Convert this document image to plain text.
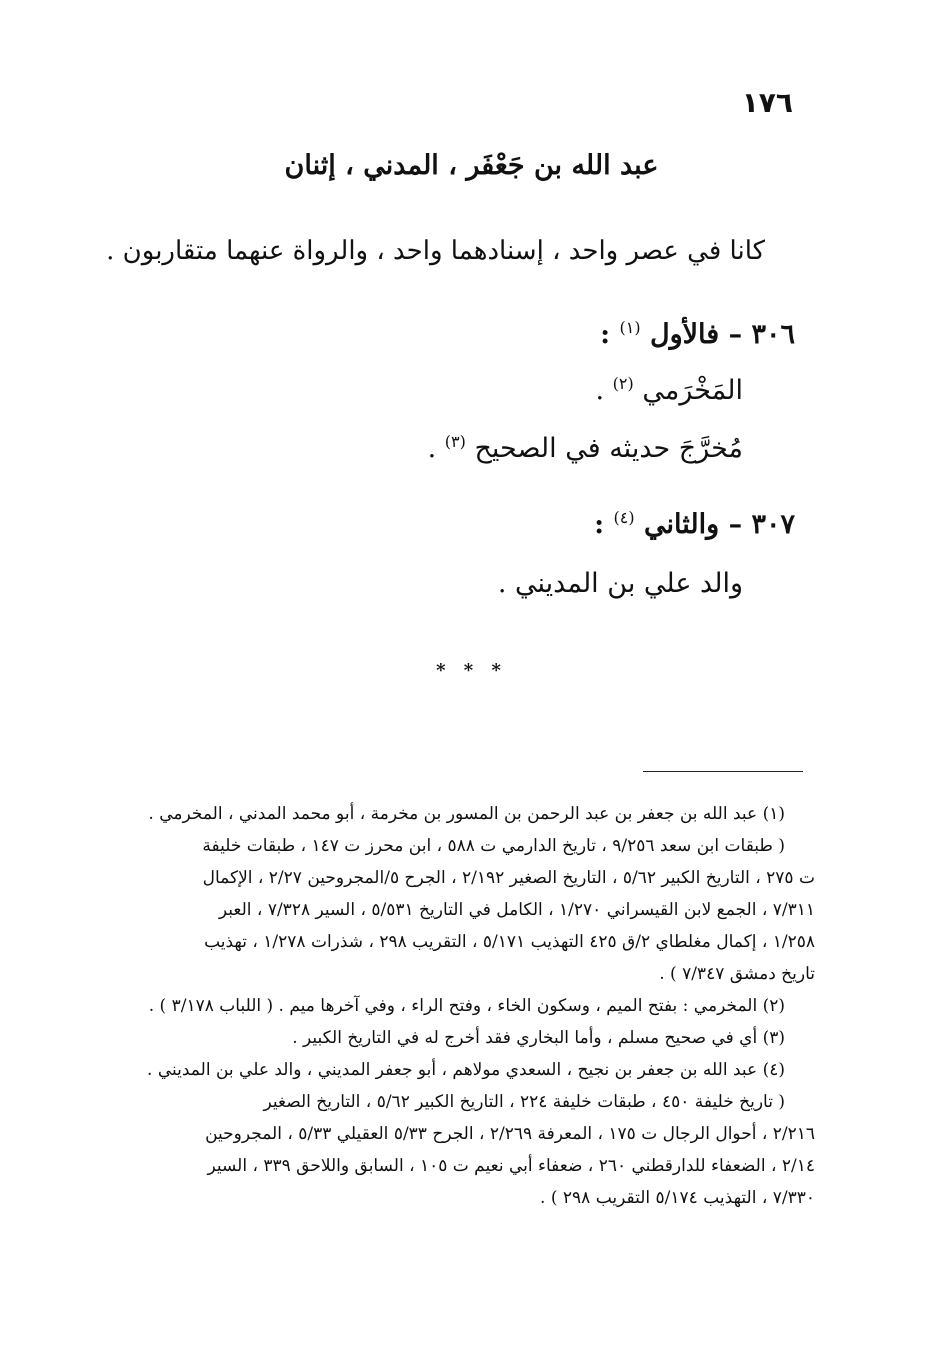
١٧٦
عبد الله بن جَعْفَر ، المدني ، إثنان
كانا في عصر واحد ، إسنادهما واحد ، والرواة عنهما متقاربون .
٣٠٦ – فالأول $^{(١)}$ :
المَخْرَمي $^{(٢)}$ .
مُخرَّجَ حديثه في الصحيح $^{(٣)}$ .
٣٠٧ – والثاني $^{(٤)}$ :
والد علي بن المديني .
* * *
(١) عبد الله بن جعفر بن عبد الرحمن بن المسور بن مخرمة ، أبو محمد المدني ، المخرمي .
( طبقات ابن سعد ٩/٢٥٦ ، تاريخ الدارمي ت ٥٨٨ ، ابن محرز ت ١٤٧ ، طبقات خليفة
ت ٢٧٥ ، التاريخ الكبير ٥/٦٢ ، التاريخ الصغير ٢/١٩٢ ، الجرح ٥/المجروحين ٢/٢٧ ، الإكمال
٧/٣١١ ، الجمع لابن القيسراني ١/٢٧٠ ، الكامل في التاريخ ٥/٥٣١ ، السير ٧/٣٢٨ ، العبر
١/٢٥٨ ، إكمال مغلطاي ٢/ق ٤٢٥ التهذيب ٥/١٧١ ، التقريب ٢٩٨ ، شذرات ١/٢٧٨ ، تهذيب
تاريخ دمشق ٧/٣٤٧ ) .
(٢) المخرمي : بفتح الميم ، وسكون الخاء ، وفتح الراء ، وفي آخرها ميم . ( اللباب ٣/١٧٨ ) .
(٣) أي في صحيح مسلم ، وأما البخاري فقد أخرج له في التاريخ الكبير .
(٤) عبد الله بن جعفر بن نجيح ، السعدي مولاهم ، أبو جعفر المديني ، والد علي بن المديني .
( تاريخ خليفة ٤٥٠ ، طبقات خليفة ٢٢٤ ، التاريخ الكبير ٥/٦٢ ، التاريخ الصغير
٢/٢١٦ ، أحوال الرجال ت ١٧٥ ، المعرفة ٢/٢٦٩ ، الجرح ٥/٣٣ العقيلي ٥/٣٣ ، المجروحين
٢/١٤ ، الضعفاء للدارقطني ٢٦٠ ، ضعفاء أبي نعيم ت ١٠٥ ، السابق واللاحق ٣٣٩ ، السير
٧/٣٣٠ ، التهذيب ٥/١٧٤ التقريب ٢٩٨ ) .
